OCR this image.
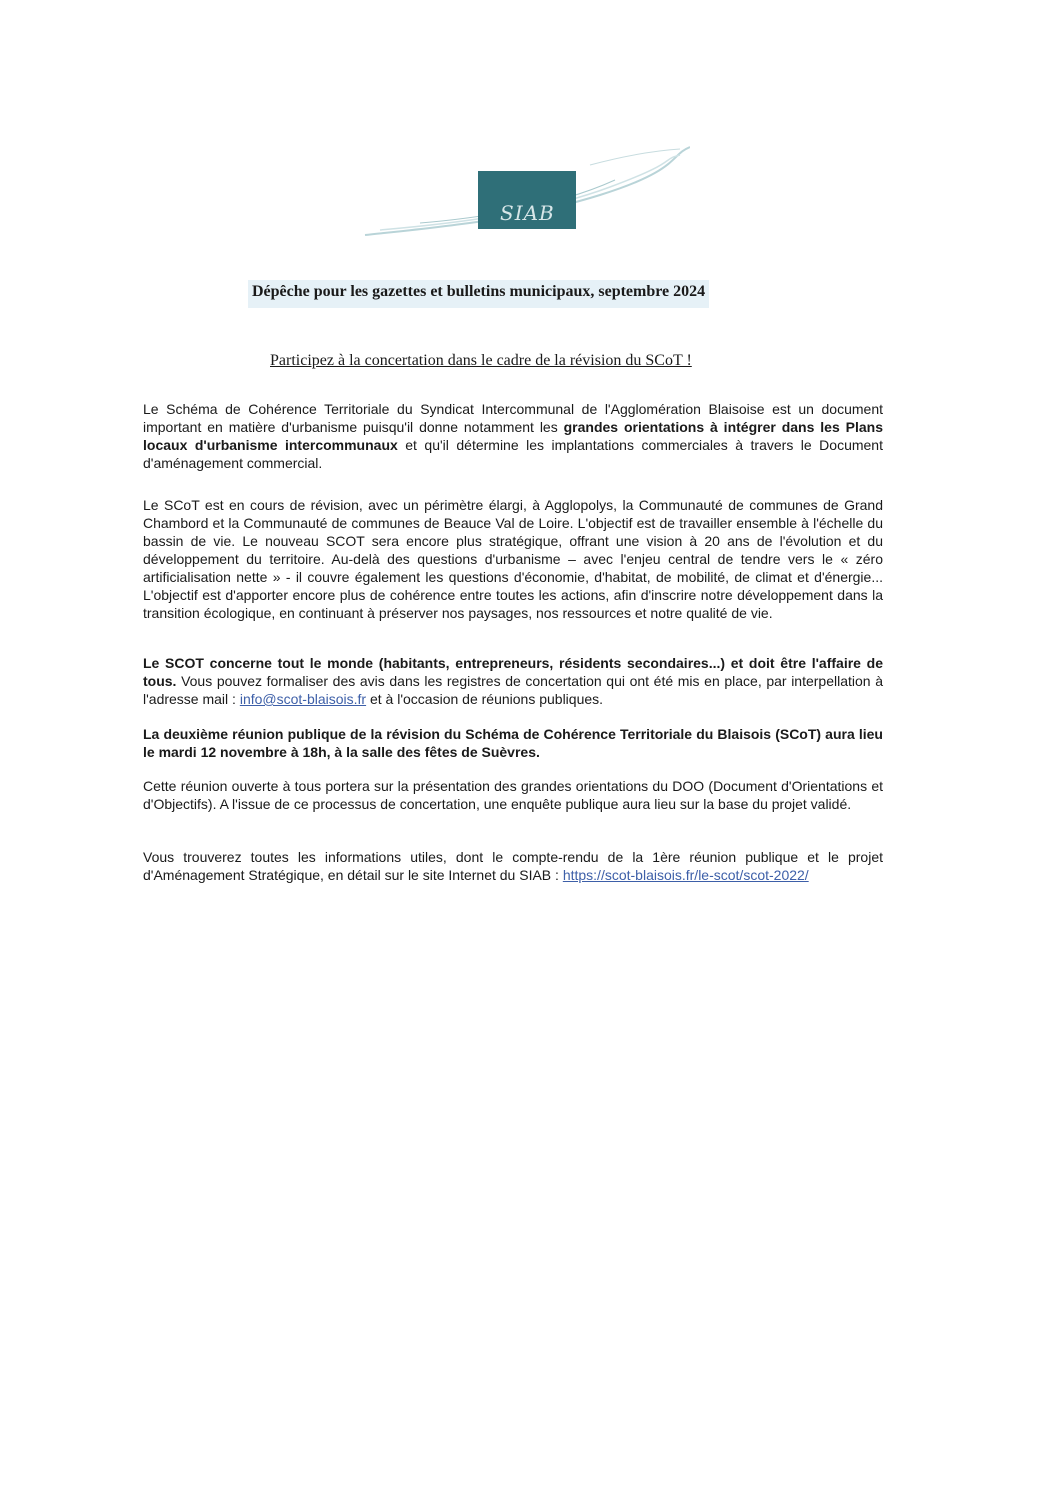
SIAB
Dépêche pour les gazettes et bulletins municipaux, septembre 2024
Participez à la concertation dans le cadre de la révision du SCoT !

Le Schéma de Cohérence Territoriale du Syndicat Intercommunal de l'Agglomération Blaisoise est un document important en matière d'urbanisme puisqu'il donne notamment les grandes orientations à intégrer dans les Plans locaux d'urbanisme intercommunaux et qu'il détermine les implantations commerciales à travers le Document d'aménagement commercial.

Le SCoT est en cours de révision, avec un périmètre élargi, à Agglopolys, la Communauté de communes de Grand Chambord et la Communauté de communes de Beauce Val de Loire. L'objectif est de travailler ensemble à l'échelle du bassin de vie. Le nouveau SCOT sera encore plus stratégique, offrant une vision à 20 ans de l'évolution et du développement du territoire. Au-delà des questions d'urbanisme – avec l'enjeu central de tendre vers le « zéro artificialisation nette » - il couvre également les questions d'économie, d'habitat, de mobilité, de climat et d'énergie... L'objectif est d'apporter encore plus de cohérence entre toutes les actions, afin d'inscrire notre développement dans la transition écologique, en continuant à préserver nos paysages, nos ressources et notre qualité de vie.

Le SCOT concerne tout le monde (habitants, entrepreneurs, résidents secondaires...) et doit être l'affaire de tous. Vous pouvez formaliser des avis dans les registres de concertation qui ont été mis en place, par interpellation à l'adresse mail : info@scot-blaisois.fr et à l'occasion de réunions publiques.

La deuxième réunion publique de la révision du Schéma de Cohérence Territoriale du Blaisois (SCoT) aura lieu le mardi 12 novembre à 18h, à la salle des fêtes de Suèvres.

Cette réunion ouverte à tous portera sur la présentation des grandes orientations du DOO (Document d'Orientations et d'Objectifs). A l'issue de ce processus de concertation, une enquête publique aura lieu sur la base du projet validé.

Vous trouverez toutes les informations utiles, dont le compte-rendu de la 1ère réunion publique et le projet d'Aménagement Stratégique, en détail sur le site Internet du SIAB : https://scot-blaisois.fr/le-scot/scot-2022/
